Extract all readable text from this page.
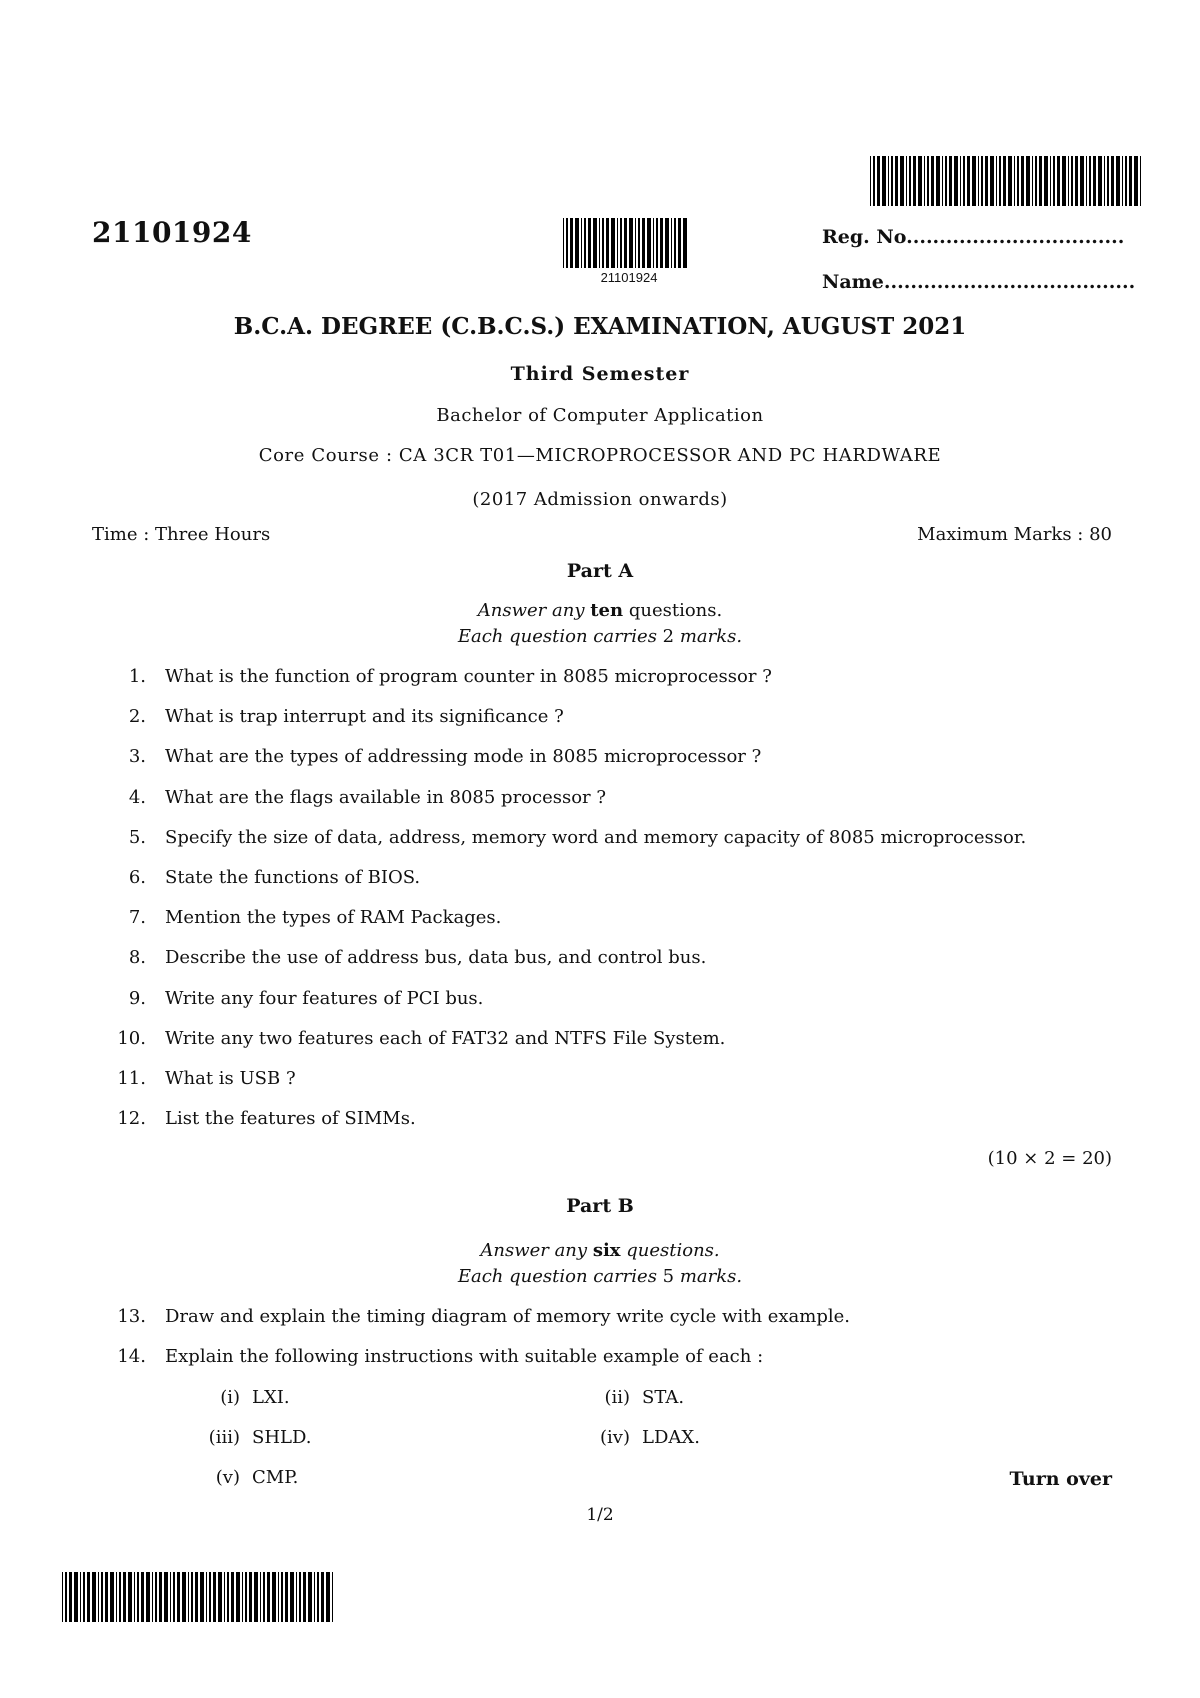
21101924
21101924	Reg. No.................................
Name......................................
B.C.A. DEGREE (C.B.C.S.) EXAMINATION, AUGUST 2021
Third Semester
Bachelor of Computer Application
Core Course : CA 3CR T01—MICROPROCESSOR AND PC HARDWARE
(2017 Admission onwards)
Time : Three Hours	Maximum Marks : 80
Part A
Answer any ten questions.
Each question carries 2 marks.
1. What is the function of program counter in 8085 microprocessor ?
2. What is trap interrupt and its significance ?
3. What are the types of addressing mode in 8085 microprocessor ?
4. What are the flags available in 8085 processor ?
5. Specify the size of data, address, memory word and memory capacity of 8085 microprocessor.
6. State the functions of BIOS.
7. Mention the types of RAM Packages.
8. Describe the use of address bus, data bus, and control bus.
9. Write any four features of PCI bus.
10. Write any two features each of FAT32 and NTFS File System.
11. What is USB ?
12. List the features of SIMMs.
(10 × 2 = 20)
Part B
Answer any six questions.
Each question carries 5 marks.
13. Draw and explain the timing diagram of memory write cycle with example.
14. Explain the following instructions with suitable example of each :
(i) LXI.	(ii) STA.
(iii) SHLD.	(iv) LDAX.
(v) CMP.	Turn over
1/2
